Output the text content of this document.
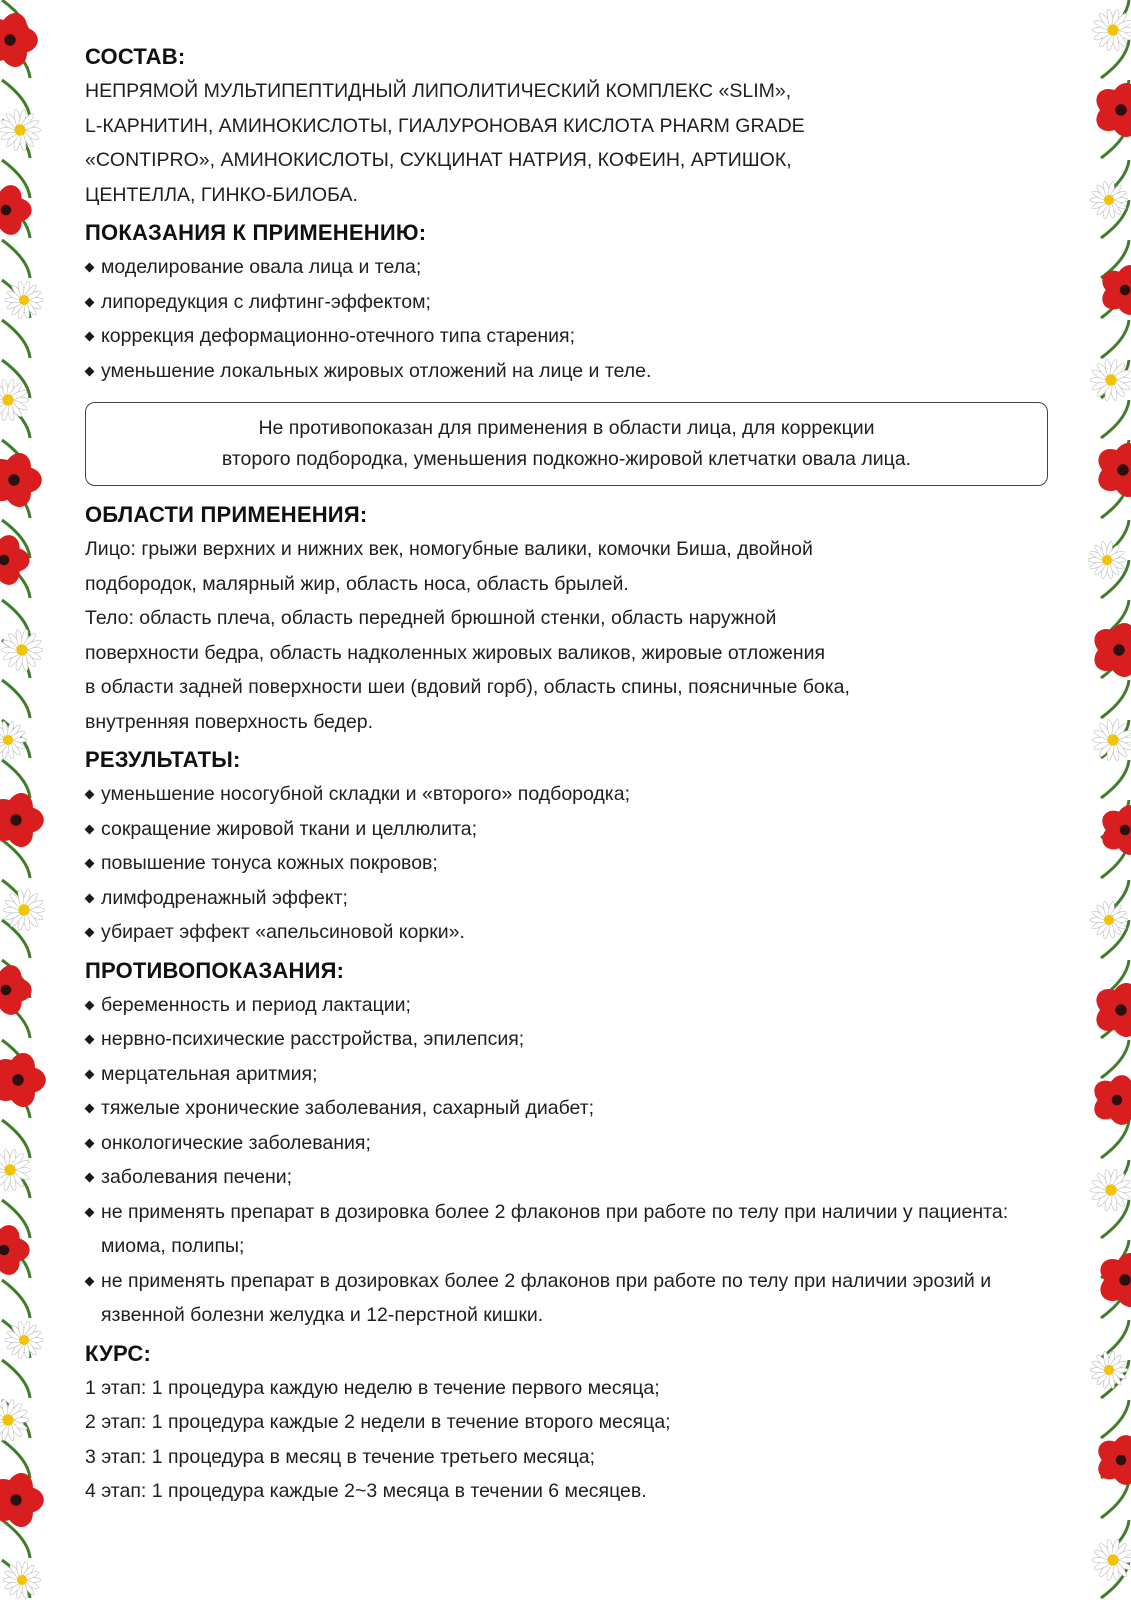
СОСТАВ:

НЕПРЯМОЙ МУЛЬТИПЕПТИДНЫЙ ЛИПОЛИТИЧЕСКИЙ КОМПЛЕКС «SLIM»,

L-КАРНИТИН, АМИНОКИСЛОТЫ, ГИАЛУРОНОВАЯ КИСЛОТА PHARM GRADE

«CONTIPRO», АМИНОКИСЛОТЫ, СУКЦИНАТ НАТРИЯ, КОФЕИН, АРТИШОК,

ЦЕНТЕЛЛА, ГИНКО-БИЛОБА.

ПОКАЗАНИЯ К ПРИМЕНЕНИЮ:
моделирование овала лица и тела;
липоредукция с лифтинг-эффектом;
коррекция деформационно-отечного типа старения;
уменьшение локальных жировых отложений на лице и теле.
Не противопоказан для применения в области лица, для коррекции
второго подбородка, уменьшения подкожно-жировой клетчатки овала лица.
ОБЛАСТИ ПРИМЕНЕНИЯ:

Лицо: грыжи верхних и нижних век, номогубные валики, комочки Биша, двойной

подбородок, малярный жир, область носа, область брылей.

Тело: область плеча, область передней брюшной стенки, область наружной

поверхности бедра, область надколенных жировых валиков, жировые отложения

в области задней поверхности шеи (вдовий горб), область спины, поясничные бока,

внутренняя поверхность бедер.

РЕЗУЛЬТАТЫ:
уменьшение носогубной складки и «второго» подбородка;
сокращение жировой ткани и целлюлита;
повышение тонуса кожных покровов;
лимфодренажный эффект;
убирает эффект «апельсиновой корки».
ПРОТИВОПОКАЗАНИЯ:
беременность и период лактации;
нервно-психические расстройства, эпилепсия;
мерцательная аритмия;
тяжелые хронические заболевания, сахарный диабет;
онкологические заболевания;
заболевания печени;
не применять препарат в дозировка более 2 флаконов при работе по телу при наличии у пациента: миома, полипы;
не применять препарат в дозировках более 2 флаконов при работе по телу при наличии эрозий и язвенной болезни желудка и 12-перстной кишки.
КУРС:

1 этап: 1 процедура каждую неделю в течение первого месяца;

2 этап: 1 процедура каждые 2 недели в течение второго месяца;

3 этап: 1 процедура в месяц в течение третьего месяца;

4 этап: 1 процедура каждые 2~3 месяца в течении 6 месяцев.
